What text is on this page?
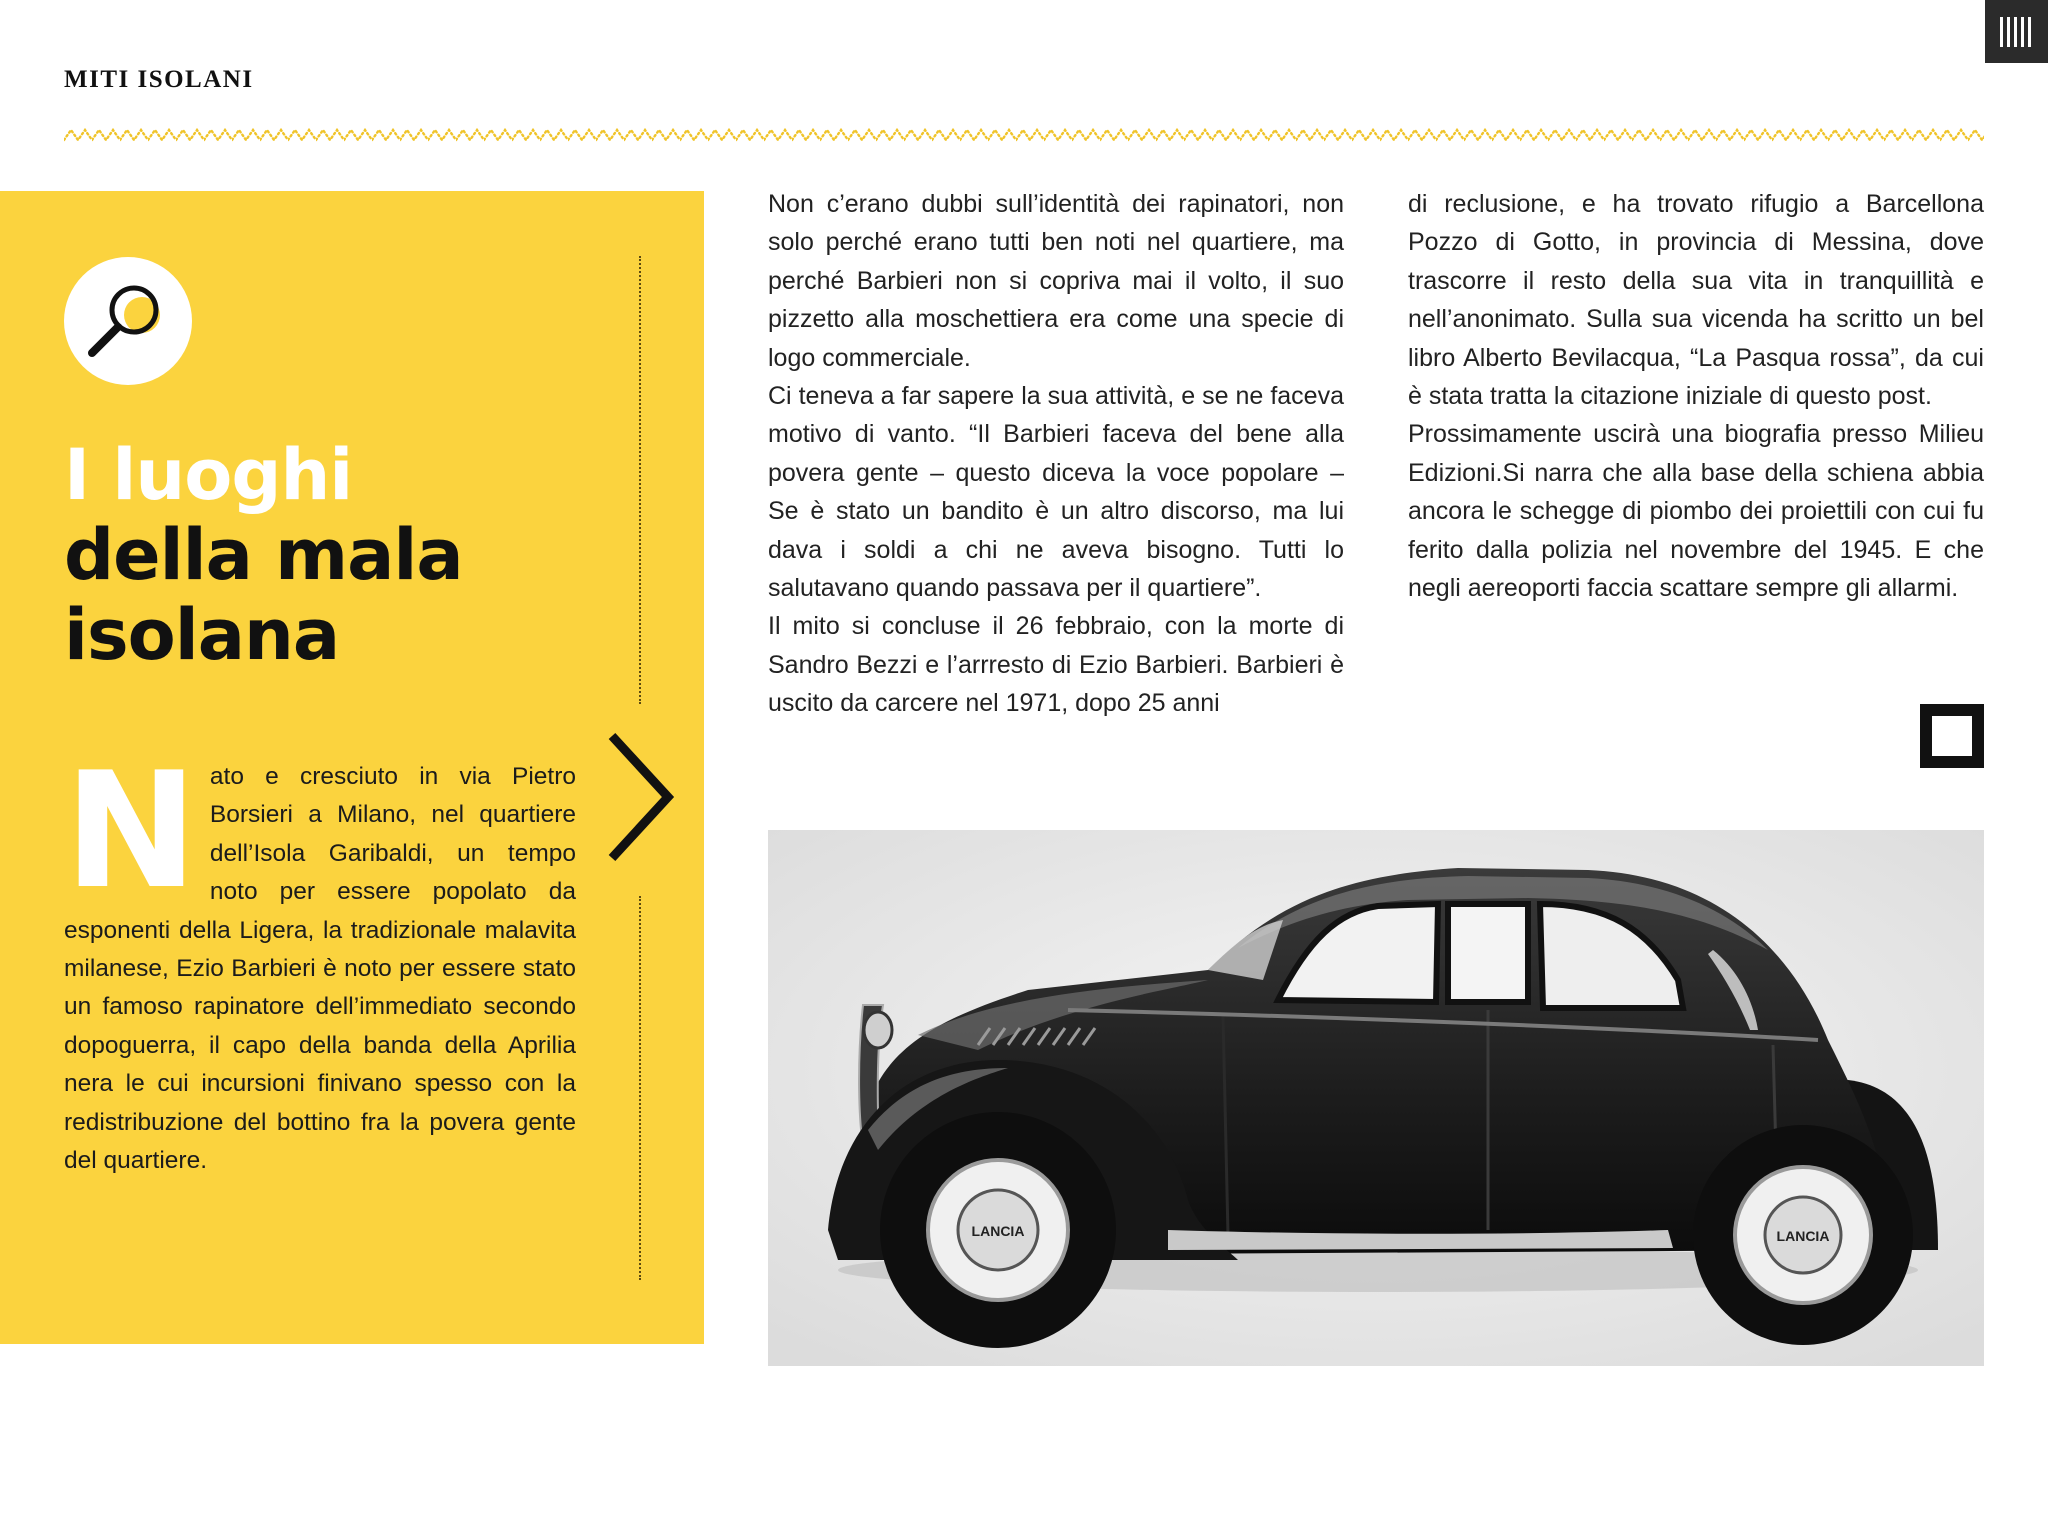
MITI ISOLANI
I luoghi
della mala
isolana

Nato e cresciuto in via Pietro Borsieri a Milano, nel quartiere dell’Isola Garibaldi, un tempo noto per essere popolato da esponenti della Ligera, la tradizionale malavita milanese, Ezio Barbieri è noto per essere stato un famoso rapinatore dell’immediato secondo dopoguerra, il capo della banda della Aprilia nera le cui incursioni finivano spesso con la redistribuzione del bottino fra la povera gente del quartiere.

Non c’erano dubbi sull’identità dei rapinatori, non solo perché erano tutti ben noti nel quartiere, ma perché Barbieri non si copriva mai il volto, il suo pizzetto alla moschettiera era come una specie di logo commerciale.

Ci teneva a far sapere la sua attività, e se ne faceva motivo di vanto. “Il Barbieri faceva del bene alla povera gente – questo diceva la voce popolare – Se è stato un bandito è un altro discorso, ma lui dava i soldi a chi ne aveva bisogno. Tutti lo salutavano quando passava per il quartiere”.

Il mito si concluse il 26 febbraio, con la morte di Sandro Bezzi e l’arrresto di Ezio Barbieri. Barbieri è uscito da carcere nel 1971, dopo 25 anni

di reclusione, e ha trovato rifugio a Barcellona Pozzo di Gotto, in provincia di Messina, dove trascorre il resto della sua vita in tranquillità e nell’anonimato. Sulla sua vicenda ha scritto un bel libro Alberto Bevilacqua, “La Pasqua rossa”, da cui è stata tratta la citazione iniziale di questo post.

Prossimamente uscirà una biografia presso Milieu Edizioni.Si narra che alla base della schiena abbia ancora le schegge di piombo dei proiettili con cui fu ferito dalla polizia nel novembre del 1945. E che negli aereoporti faccia scattare sempre gli allarmi.

LANCIA	LANCIA
